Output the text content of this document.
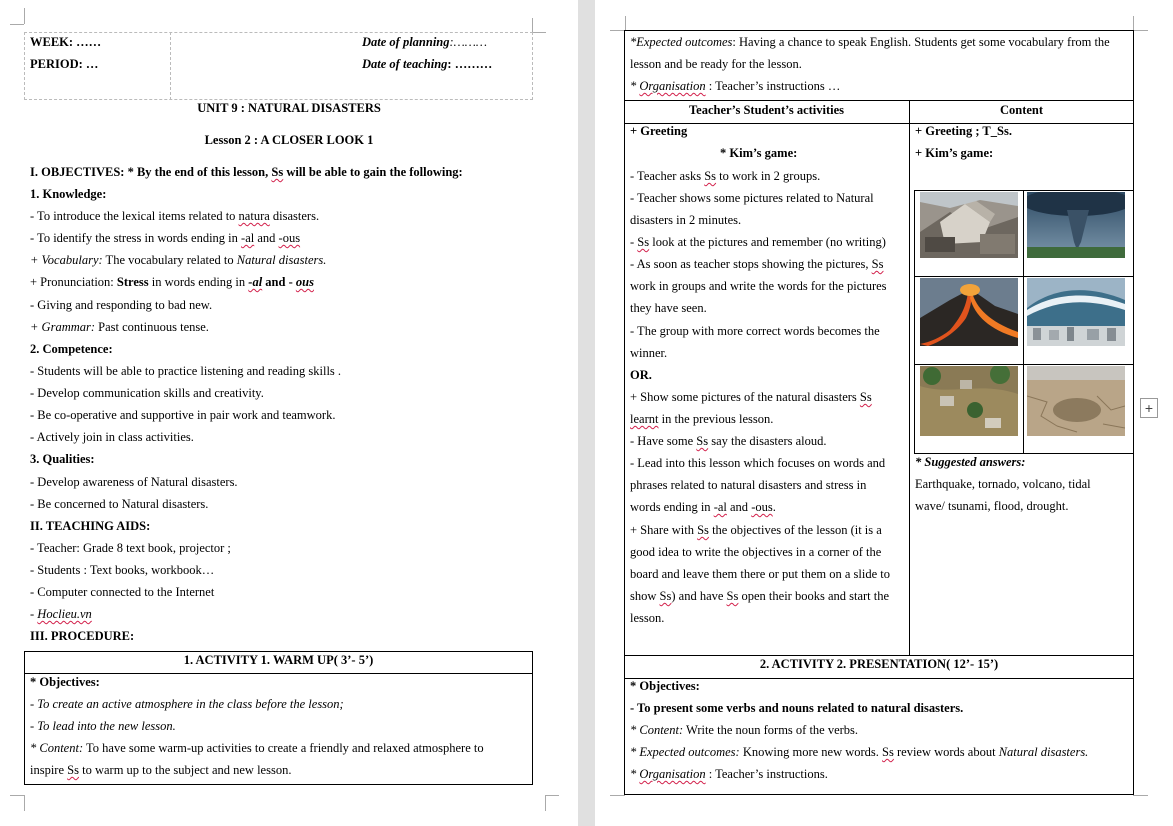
WEEK: ……
PERIOD: …
Date of planning:………
Date of teaching: ………
UNIT 9 : NATURAL DISASTERS
Lesson 2 : A CLOSER LOOK 1
I. OBJECTIVES: * By the end of this lesson, Ss will be able to gain the following:
1. Knowledge:
- To introduce the lexical items related to natura disasters.
- To identify the stress in words ending in -al and -ous
+ Vocabulary: The vocabulary related to Natural disasters.
+ Pronunciation: Stress in words ending in -al and - ous
- Giving and responding to bad new.
+ Grammar: Past continuous tense.
2. Competence:
- Students will be able to practice listening and reading skills .
- Develop communication skills and creativity.
- Be co-operative and supportive in pair work and teamwork.
- Actively join in class activities.
3. Qualities:
- Develop awareness of Natural disasters.
- Be concerned to Natural disasters.
II. TEACHING AIDS:
- Teacher: Grade 8 text book, projector ;
- Students : Text books, workbook…
- Computer connected to the Internet
- Hoclieu.vn
III. PROCEDURE:
1. ACTIVITY 1. WARM UP( 3’- 5’)
* Objectives:
- To create an active atmosphere in the class before the lesson;
- To lead into the new lesson.
* Content: To have some warm-up activities to create a friendly and relaxed atmosphere to
inspire Ss to warm up to the subject and new lesson.
*Expected outcomes: Having a chance to speak English. Students get some vocabulary from the
lesson and be ready for the lesson.
* Organisation : Teacher’s instructions …
Teacher’s Student’s activities	Content
+ Greeting
* Kim’s game:
- Teacher asks Ss to work in 2 groups.
- Teacher shows some pictures related to Natural
disasters in 2 minutes.
- Ss look at the pictures and remember (no writing)
- As soon as teacher stops showing the pictures, Ss
work in groups and write the words for the pictures
they have seen.
- The group with more correct words becomes the
winner.
OR.
+ Show some pictures of the natural disasters Ss
learnt in the previous lesson.
- Have some Ss say the disasters aloud.
- Lead into this lesson which focuses on words and
phrases related to natural disasters and stress in
words ending in -al and -ous.
+ Share with Ss the objectives of the lesson (it is a
good idea to write the objectives in a corner of the
board and leave them there or put them on a slide to
show Ss) and have Ss open their books and start the
lesson.
+ Greeting ; T_Ss.
+ Kim’s game:
* Suggested answers:
Earthquake, tornado, volcano, tidal
wave/ tsunami, flood, drought.
2. ACTIVITY 2. PRESENTATION( 12’- 15’)
* Objectives:
- To present some verbs and nouns related to natural disasters.
* Content: Write the noun forms of the verbs.
* Expected outcomes: Knowing more new words. Ss review words about Natural disasters.
* Organisation : Teacher’s instructions.
+
